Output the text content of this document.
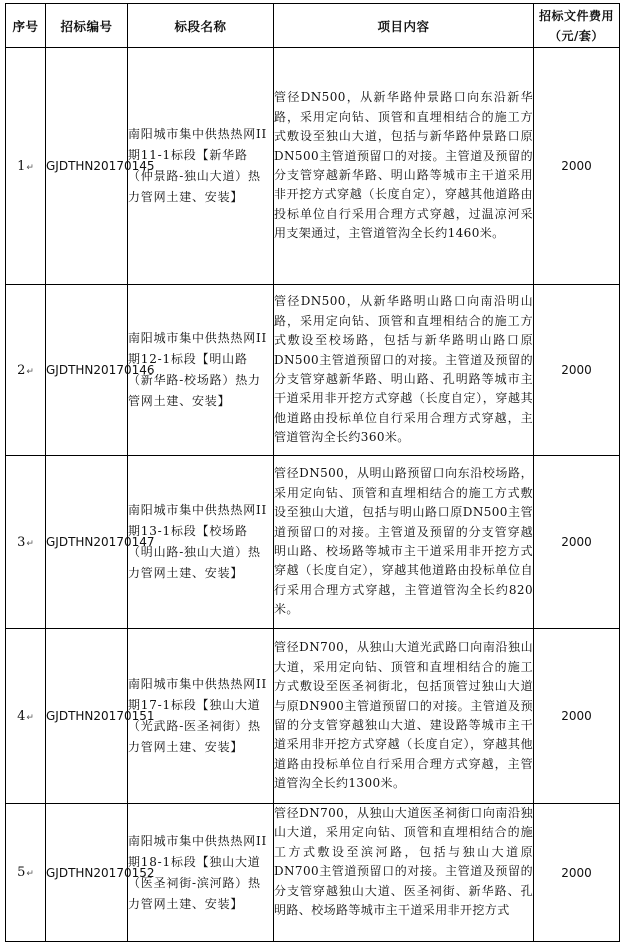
序号	招标编号	标段名称	项目内容	招标文件费用（元/套）
1↵	GJDTHN20170145	南阳城市集中供热热网II期11-1标段【新华路（仲景路-独山大道）热力管网土建、安装】	管径DN500，从新华路仲景路口向东沿新华路，采用定向钻、顶管和直埋相结合的施工方式敷设至独山大道，包括与新华路仲景路口原DN500主管道预留口的对接。主管道及预留的分支管穿越新华路、明山路等城市主干道采用非开挖方式穿越（长度自定），穿越其他道路由投标单位自行采用合理方式穿越，过温凉河采用支架通过，主管道管沟全长约1460米。	2000
2↵	GJDTHN20170146	南阳城市集中供热热网II期12-1标段【明山路（新华路-校场路）热力管网土建、安装】	管径DN500，从新华路明山路口向南沿明山路，采用定向钻、顶管和直埋相结合的施工方式敷设至校场路，包括与新华路明山路口原DN500主管道预留口的对接。主管道及预留的分支管穿越新华路、明山路、孔明路等城市主干道采用非开挖方式穿越（长度自定），穿越其他道路由投标单位自行采用合理方式穿越，主管道管沟全长约360米。	2000
3↵	GJDTHN20170147	南阳城市集中供热热网II期13-1标段【校场路（明山路-独山大道）热力管网土建、安装】	管径DN500，从明山路预留口向东沿校场路，采用定向钻、顶管和直埋相结合的施工方式敷设至独山大道，包括与明山路口原DN500主管道预留口的对接。主管道及预留的分支管穿越明山路、校场路等城市主干道采用非开挖方式穿越（长度自定），穿越其他道路由投标单位自行采用合理方式穿越，主管道管沟全长约820米。	2000
4↵	GJDTHN20170151	南阳城市集中供热热网II期17-1标段【独山大道（光武路-医圣祠街）热力管网土建、安装】	管径DN700，从独山大道光武路口向南沿独山大道，采用定向钻、顶管和直埋相结合的施工方式敷设至医圣祠街北，包括顶管过独山大道与原DN900主管道预留口的对接。主管道及预留的分支管穿越独山大道、建设路等城市主干道采用非开挖方式穿越（长度自定），穿越其他道路由投标单位自行采用合理方式穿越，主管道管沟全长约1300米。	2000
5↵	GJDTHN20170152	南阳城市集中供热热网II期18-1标段【独山大道（医圣祠街-滨河路）热力管网土建、安装】	管径DN700，从独山大道医圣祠街口向南沿独山大道，采用定向钻、顶管和直埋相结合的施工方式敷设至滨河路，包括与独山大道原DN700主管道预留口的对接。主管道及预留的分支管穿越独山大道、医圣祠街、新华路、孔明路、校场路等城市主干道采用非开挖方式	2000
